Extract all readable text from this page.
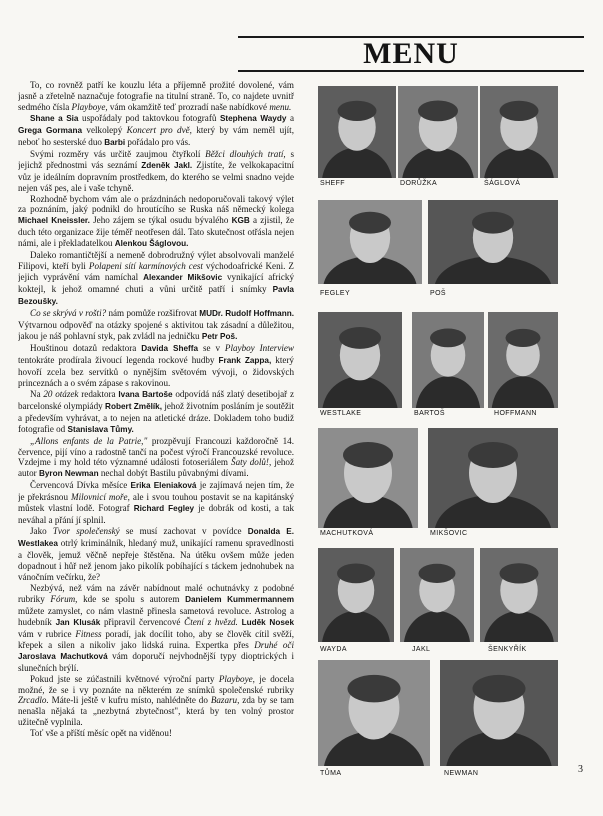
MENU

To, co rovněž patří ke kouzlu léta a příjemně prožité dovolené, vám jasně a zřetelně naznačuje fotografie na titulní straně. To, co najdete uvnitř sedmého čísla Playboye, vám okamžitě teď prozradí naše nabídkové menu.

Shane a Sia uspořádaly pod taktovkou fotografů Stephena Waydy a Grega Gormana velkolepý Koncert pro dvě, který by vám neměl ujít, neboť ho sesterské duo Barbi pořádalo pro vás.

Svými rozměry vás určitě zaujmou čtyřkolí Běžci dlouhých tratí, s jejichž přednostmi vás seznámí Zdeněk Jakl. Zjistíte, že velkokapacitní vůz je ideálním dopravním prostředkem, do kterého se velmi snadno vejde nejen váš pes, ale i vaše tchyně.

Rozhodně bychom vám ale o prázdninách nedoporučovali takový výlet za poznáním, jaký podnikl do hroutícího se Ruska náš německý kolega Michael Kneissler. Jeho zájem se týkal osudu bývalého KGB a zjistil, že duch této organizace žije téměř neotřesen dál. Tato skutečnost otřásla nejen námi, ale i překladatelkou Alenkou Šáglovou.

Daleko romantičtější a nemeně dobrodružný výlet absolvovali manželé Filipovi, kteří byli Polapeni sítí karmínových cest východoafrické Keni. Z jejich vyprávění vám namíchal Alexander Mikšovic vynikající africký koktejl, k jehož omamné chuti a vůni určitě patří i snímky Pavla Bezoušky.

Co se skrývá v rošti? nám pomůže rozšifrovat MUDr. Rudolf Hoffmann. Výtvarnou odpověď na otázky spojené s aktivitou tak zásadní a důležitou, jakou je náš pohlavní styk, pak zvládl na jedničku Petr Poš.

Houštinou dotazů redaktora Davida Sheffa se v Playboy Interview tentokráte prodírala živoucí legenda rockové hudby Frank Zappa, který hovoří zcela bez servítků o nynějším světovém vývoji, o židovských princeznách a o svém zápase s rakovinou.

Na 20 otázek redaktora Ivana Bartoše odpovídá náš zlatý desetibojař z barcelonské olympiády Robert Změlík, jehož životním posláním je soutěžit a především vyhrávat, a to nejen na atletické dráze. Dokladem toho budiž fotografie od Stanislava Tůmy.

„Allons enfants de la Patrie," prozpěvují Francouzi každoročně 14. července, pijí víno a radostně tančí na počest výročí Francouzské revoluce. Vzdejme i my hold této významné události fotoseriálem Šaty dolů!, jehož autor Byron Newman nechal dobýt Bastilu půvabnými dívami.

Červencová Dívka měsíce Erika Eleniaková je zajímavá nejen tím, že je překrásnou Milovnicí moře, ale i svou touhou postavit se na kapitánský můstek vlastní lodě. Fotograf Richard Fegley je dobrák od kosti, a tak neváhal a přání jí splnil.

Jako Tvor společenský se musí zachovat v povídce Donalda E. Westlakea otrlý kriminálník, hledaný muž, unikající ramenu spravedlnosti a člověk, jemuž věčně nepřeje štěstěna. Na útěku ovšem může jeden dopadnout i hůř než jenom jako pikolík pobíhající s táckem jednohubek na vánočním večírku, že?

Nezbývá, než vám na závěr nabídnout malé ochutnávky z podobné rubriky Fórum, kde se spolu s autorem Danielem Kummermannem můžete zamyslet, co nám vlastně přinesla sametová revoluce. Astrolog a hudebník Jan Klusák připravil červencové Čtení z hvězd. Luděk Nosek vám v rubrice Fitness poradí, jak docílit toho, aby se člověk cítil svěží, křepek a silen a nikoliv jako lidská ruina. Expertka přes Druhé oči Jaroslava Machutková vám doporučí nejvhodnější typy dioptrických i slunečních brýlí.

Pokud jste se zúčastnili květnové výroční party Playboye, je docela možné, že se i vy poznáte na některém ze snímků společenské rubriky Zrcadlo. Máte-li ještě v kufru místo, nahlédněte do Bazaru, zda by se tam nenašla nějaká ta „nezbytná zbytečnost", která by ten volný prostor užitečně vyplnila.

Toť vše a příští měsíc opět na viděnou!

SHEFF	DORŮŽKA	ŠÁGLOVÁ
FEGLEY	POŠ
WESTLAKE	BARTOŠ	HOFFMANN
MACHUTKOVÁ	MIKŠOVIC
WAYDA	JAKL	ŠENKYŘÍK
TŮMA	NEWMAN	3
